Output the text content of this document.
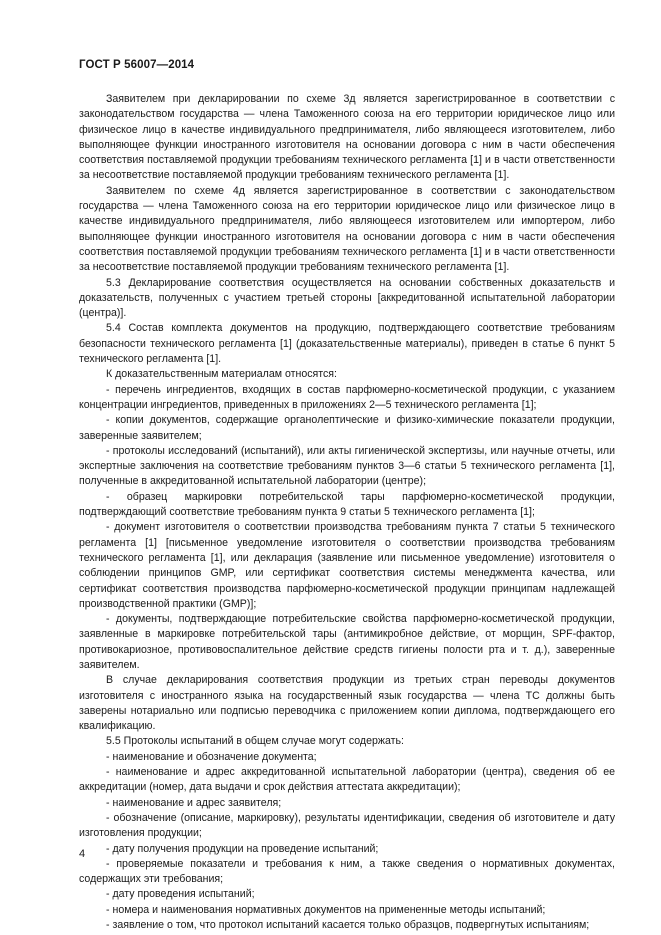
ГОСТ Р 56007—2014

Заявителем при декларировании по схеме 3д является зарегистрированное в соответствии с законодательством государства — члена Таможенного союза на его территории юридическое лицо или физическое лицо в качестве индивидуального предпринимателя, либо являющееся изготовителем, либо выполняющее функции иностранного изготовителя на основании договора с ним в части обеспечения соответствия поставляемой продукции требованиям технического регламента [1] и в части ответственности за несоответствие поставляемой продукции требованиям технического регламента [1].

Заявителем по схеме 4д является зарегистрированное в соответствии с законодательством государства — члена Таможенного союза на его территории юридическое лицо или физическое лицо в качестве индивидуального предпринимателя, либо являющееся изготовителем или импортером, либо выполняющее функции иностранного изготовителя на основании договора с ним в части обеспечения соответствия поставляемой продукции требованиям технического регламента [1] и в части ответственности за несоответствие поставляемой продукции требованиям технического регламента [1].

5.3 Декларирование соответствия осуществляется на основании собственных доказательств и доказательств, полученных с участием третьей стороны [аккредитованной испытательной лаборатории (центра)].

5.4 Состав комплекта документов на продукцию, подтверждающего соответствие требованиям безопасности технического регламента [1] (доказательственные материалы), приведен в статье 6 пункт 5 технического регламента [1].

К доказательственным материалам относятся:

- перечень ингредиентов, входящих в состав парфюмерно-косметической продукции, с указанием концентрации ингредиентов, приведенных в приложениях 2—5 технического регламента [1];

- копии документов, содержащие органолептические и физико-химические показатели продукции, заверенные заявителем;

- протоколы исследований (испытаний), или акты гигиенической экспертизы, или научные отчеты, или экспертные заключения на соответствие требованиям пунктов 3—6 статьи 5 технического регламента [1], полученные в аккредитованной испытательной лаборатории (центре);

- образец маркировки потребительской тары парфюмерно-косметической продукции, подтверждающий соответствие требованиям пункта 9 статьи 5 технического регламента [1];

- документ изготовителя о соответствии производства требованиям пункта 7 статьи 5 технического регламента [1] [письменное уведомление изготовителя о соответствии производства требованиям технического регламента [1], или декларация (заявление или письменное уведомление) изготовителя о соблюдении принципов GMP, или сертификат соответствия системы менеджмента качества, или сертификат соответствия производства парфюмерно-косметической продукции принципам надлежащей производственной практики (GMP)];

- документы, подтверждающие потребительские свойства парфюмерно-косметической продукции, заявленные в маркировке потребительской тары (антимикробное действие, от морщин, SPF-фактор, противокариозное, противовоспалительное действие средств гигиены полости рта и т. д.), заверенные заявителем.

В случае декларирования соответствия продукции из третьих стран переводы документов изготовителя с иностранного языка на государственный язык государства — члена ТС должны быть заверены нотариально или подписью переводчика с приложением копии диплома, подтверждающего его квалификацию.

5.5 Протоколы испытаний в общем случае могут содержать:

- наименование и обозначение документа;

- наименование и адрес аккредитованной испытательной лаборатории (центра), сведения об ее аккредитации (номер, дата выдачи и срок действия аттестата аккредитации);

- наименование и адрес заявителя;

- обозначение (описание, маркировку), результаты идентификации, сведения об изготовителе и дату изготовления продукции;

- дату получения продукции на проведение испытаний;

- проверяемые показатели и требования к ним, а также сведения о нормативных документах, содержащих эти требования;

- дату проведения испытаний;

- номера и наименования нормативных документов на примененные методы испытаний;

- заявление о том, что протокол испытаний касается только образцов, подвергнутых испытаниям;

4
